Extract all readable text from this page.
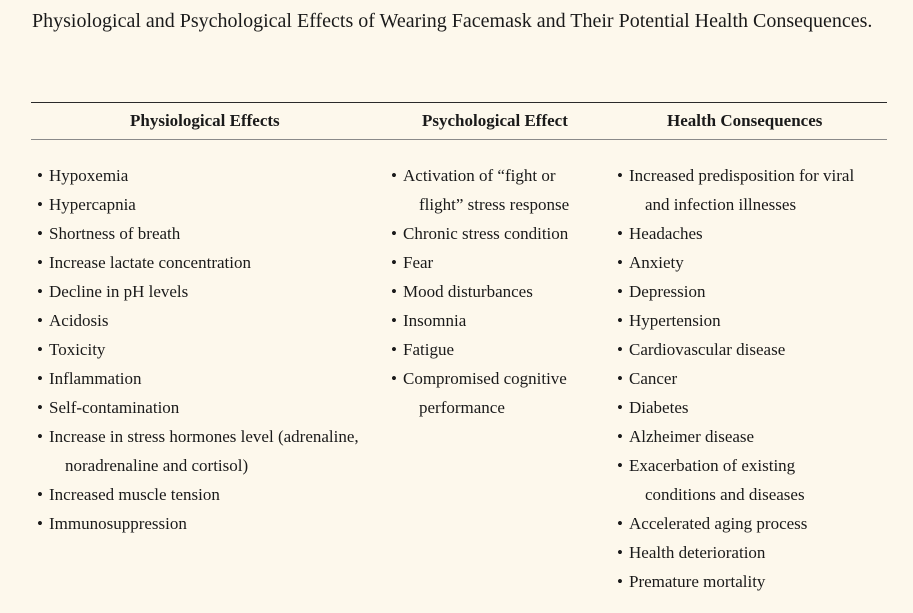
Physiological and Psychological Effects of Wearing Facemask and Their Potential Health Consequences.
Physiological Effects	Psychological Effect	Health Consequences
• Hypoxemia
• Hypercapnia
• Shortness of breath
• Increase lactate concentration
• Decline in pH levels
• Acidosis
• Toxicity
• Inflammation
• Self-contamination
• Increase in stress hormones level (adrenaline,
noradrenaline and cortisol)
• Increased muscle tension
• Immunosuppression
• Activation of “fight or
flight” stress response
• Chronic stress condition
• Fear
• Mood disturbances
• Insomnia
• Fatigue
• Compromised cognitive
performance
• Increased predisposition for viral
and infection illnesses
• Headaches
• Anxiety
• Depression
• Hypertension
• Cardiovascular disease
• Cancer
• Diabetes
• Alzheimer disease
• Exacerbation of existing
conditions and diseases
• Accelerated aging process
• Health deterioration
• Premature mortality
